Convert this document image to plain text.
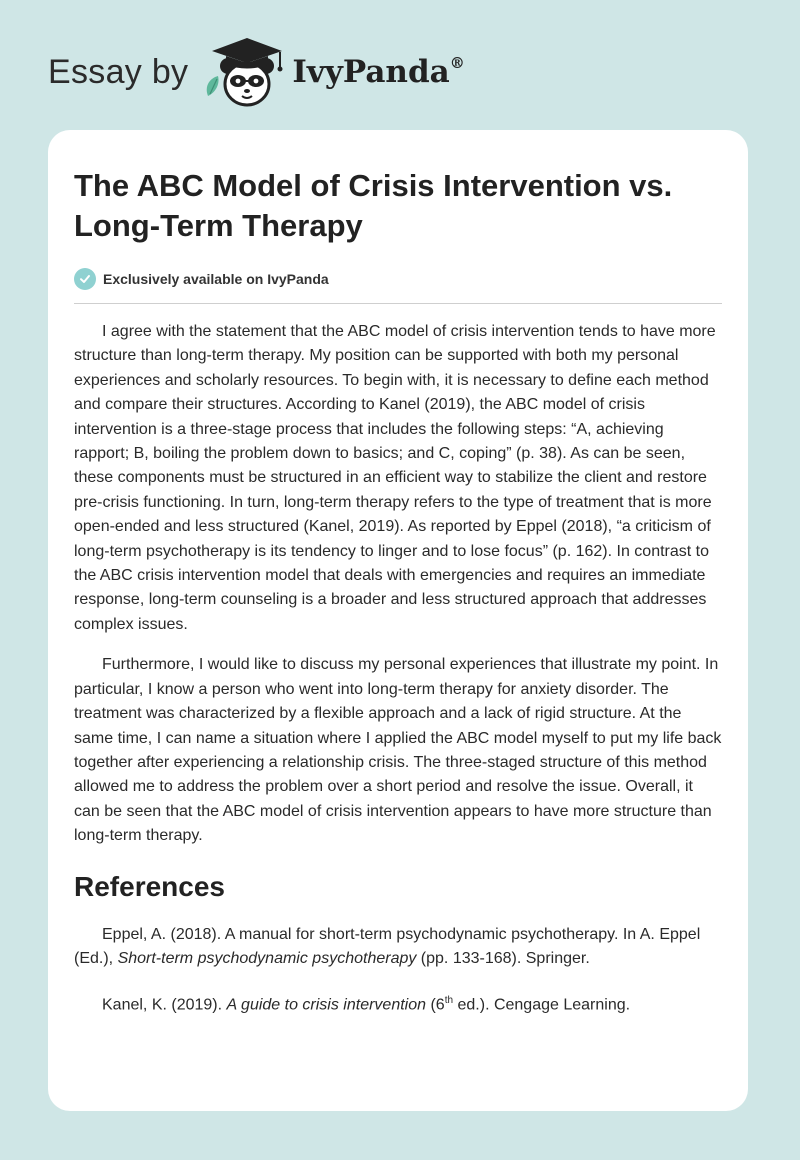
Essay by	IvyPanda®
The ABC Model of Crisis Intervention vs. Long-Term Therapy
Exclusively available on IvyPanda

I agree with the statement that the ABC model of crisis intervention tends to have more structure than long-term therapy. My position can be supported with both my personal experiences and scholarly resources. To begin with, it is necessary to define each method and compare their structures. According to Kanel (2019), the ABC model of crisis intervention is a three-stage process that includes the following steps: “A, achieving rapport; B, boiling the problem down to basics; and C, coping” (p. 38). As can be seen, these components must be structured in an efficient way to stabilize the client and restore pre-crisis functioning. In turn, long-term therapy refers to the type of treatment that is more open-ended and less structured (Kanel, 2019). As reported by Eppel (2018), “a criticism of long-term psychotherapy is its tendency to linger and to lose focus” (p. 162). In contrast to the ABC crisis intervention model that deals with emergencies and requires an immediate response, long-term counseling is a broader and less structured approach that addresses complex issues.

Furthermore, I would like to discuss my personal experiences that illustrate my point. In particular, I know a person who went into long-term therapy for anxiety disorder. The treatment was characterized by a flexible approach and a lack of rigid structure. At the same time, I can name a situation where I applied the ABC model myself to put my life back together after experiencing a relationship crisis. The three-staged structure of this method allowed me to address the problem over a short period and resolve the issue. Overall, it can be seen that the ABC model of crisis intervention appears to have more structure than long-term therapy.

References

Eppel, A. (2018). A manual for short-term psychodynamic psychotherapy. In A. Eppel (Ed.), Short-term psychodynamic psychotherapy (pp. 133-168). Springer.

Kanel, K. (2019). A guide to crisis intervention (6th ed.). Cengage Learning.
